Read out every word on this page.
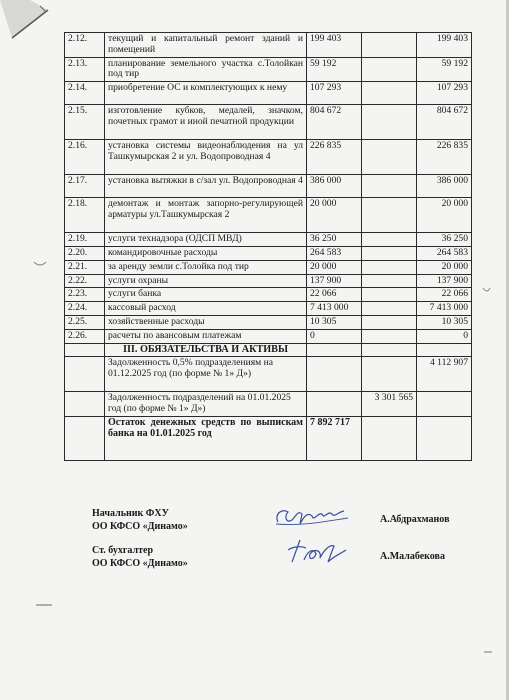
2.12.	текущий и капитальный ремонт зданий и помещений	199 403		199 403
2.13.	планирование земельного участка с.Толойкан под тир	59 192		59 192
2.14.	приобретение ОС и комплектующих к нему	107 293		107 293
2.15.	изготовление кубков, медалей, значком, почетных грамот и иной печатной продукции	804 672		804 672
2.16.	установка системы видеонаблюдения на ул Ташкумырская 2 и ул. Водопроводная 4	226 835		226 835
2.17.	установка вытяжки в с/зал ул. Водопроводная 4	386 000		386 000
2.18.	демонтаж и монтаж запорно-регулирующей арматуры ул.Ташкумырская 2	20 000		20 000
2.19.	услуги технадзора (ОДСП МВД)	36 250		36 250
2.20.	командировочные расходы	264 583		264 583
2.21.	за аренду земли с.Толойка под тир	20 000		20 000
2.22.	услуги охраны	137 900		137 900
2.23.	услуги банка	22 066		22 066
2.24.	кассовый расход	7 413 000		7 413 000
2.25.	хозяйственные расходы	10 305		10 305
2.26.	расчеты по авансовым платежам	0		0
	III. ОБЯЗАТЕЛЬСТВА И АКТИВЫ			
	Задолженность 0,5% подразделениям на 01.12.2025 год (по форме № 1» Д»)			4 112 907
	Задолженность подразделений на 01.01.2025 год (по форме № 1» Д»)		3 301 565	
	Остаток денежных средств по выпискам банка на 01.01.2025 год	7 892 717		
Начальник ФХУ
ОО КФСО «Динамо»
А.Абдрахманов
Ст. бухгалтер
ОО КФСО «Динамо»
А.Малабекова
